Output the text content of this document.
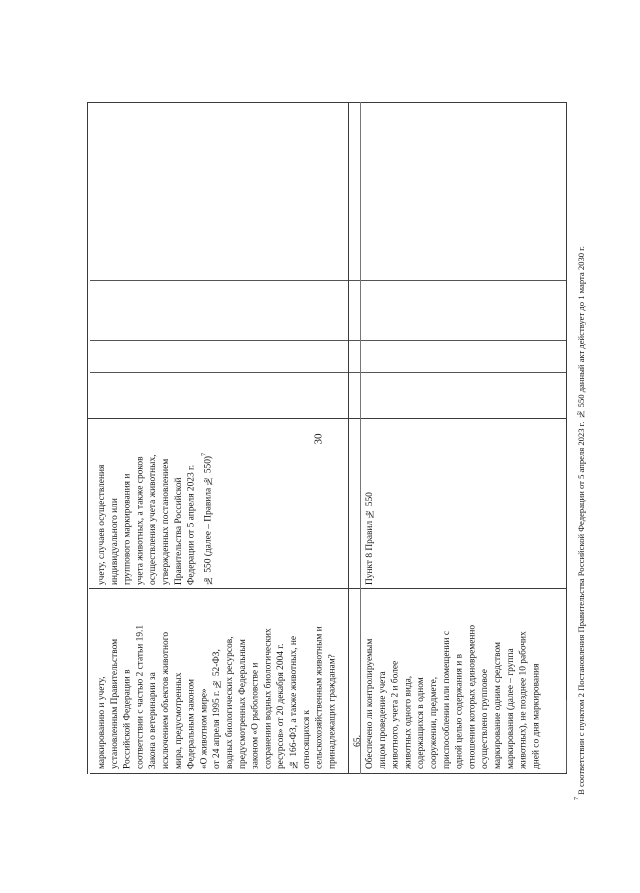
30
маркированию и учету, установленным Правительством Российской Федерации в соответствии с частью 2 статьи 19.1 Закона о ветеринарии за исключением объектов животного мира, предусмотренных Федеральным законом «О животном мире» от 24 апреля 1995 г. № 52-ФЗ, водных биологических ресурсов, предусмотренных Федеральным законом «О рыболовстве и сохранении водных биологических ресурсов» от 20 декабря 2004 г. № 166-ФЗ, а также животных, не относящихся к сельскохозяйственным животным и принадлежащих гражданам?
учету, случаев осуществления индивидуального или группового маркирования и учета животных, а также сроков осуществления учета животных, утвержденных постановлением Правительства Российской Федерации от 5 апреля 2023 г. № 550 (далее – Правила № 550)$^7$
65. Обеспечено ли контролируемым лицом проведение учета животного, учета 2 и более животных одного вида, содержащихся в одном сооружении, предмете, приспособлении или помещении с одной целью содержания и в отношении которых единовременно осуществлено групповое маркирование одним средством маркирования (далее – группа животных), не позднее 10 рабочих дней со дня маркирования
Пункт 8 Правил № 550
$^7$ В соответствии с пунктом 2 Постановления Правительства Российской Федерации от 5 апреля 2023 г. № 550 данный акт действует до 1 марта 2030 г.
